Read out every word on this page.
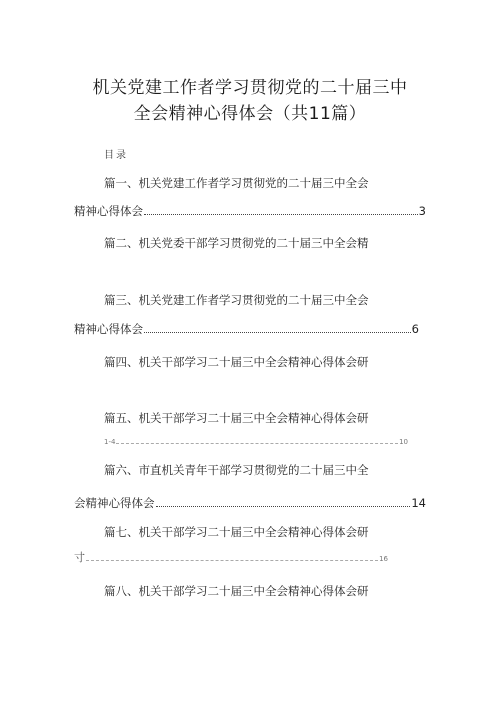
机关党建工作者学习贯彻党的二十届三中
全会精神心得体会（共11篇）
目录
篇一、机关党建工作者学习贯彻党的二十届三中全会
精神心得体会	3
篇二、机关党委干部学习贯彻党的二十届三中全会精
篇三、机关党建工作者学习贯彻党的二十届三中全会
精神心得体会	6
篇四、机关干部学习二十届三中全会精神心得体会研
篇五、机关干部学习二十届三中全会精神心得体会研
1-4	10
篇六、市直机关青年干部学习贯彻党的二十届三中全
会精神心得体会	14
篇七、机关干部学习二十届三中全会精神心得体会研
寸	16
篇八、机关干部学习二十届三中全会精神心得体会研
